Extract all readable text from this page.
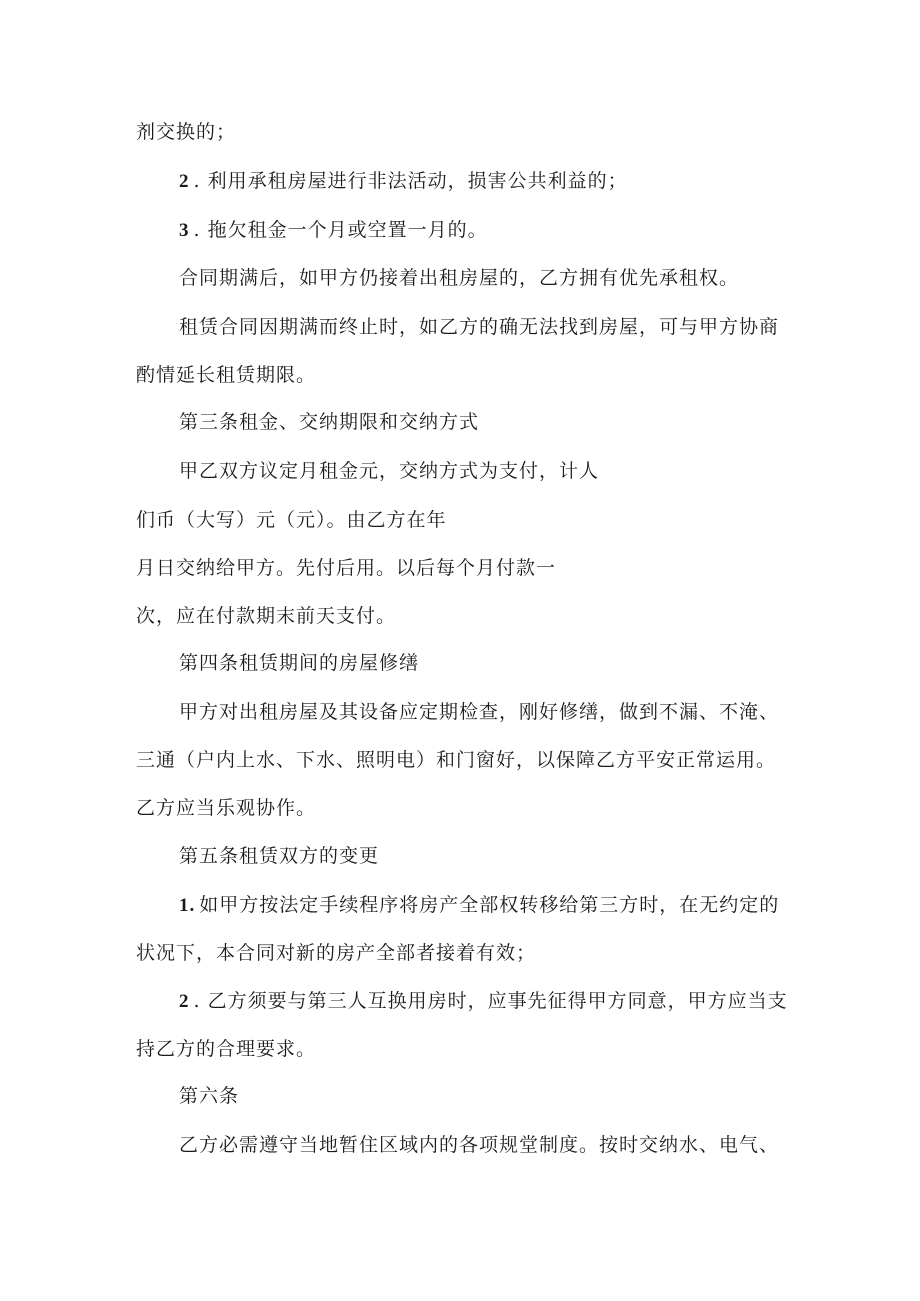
剂交换的；
2 . 利用承租房屋进行非法活动，损害公共利益的；
3 . 拖欠租金一个月或空置一月的。
合同期满后，如甲方仍接着出租房屋的，乙方拥有优先承租权。
租赁合同因期满而终止时，如乙方的确无法找到房屋，可与甲方协商
酌情延长租赁期限。
第三条租金、交纳期限和交纳方式
甲乙双方议定月租金元，交纳方式为支付，计人
们币（大写）元（元）。由乙方在年
月日交纳给甲方。先付后用。以后每个月付款一
次，应在付款期末前天支付。
第四条租赁期间的房屋修缮
甲方对出租房屋及其设备应定期检查，刚好修缮，做到不漏、不淹、
三通（户内上水、下水、照明电）和门窗好，以保障乙方平安正常运用。
乙方应当乐观协作。
第五条租赁双方的变更
1. 如甲方按法定手续程序将房产全部权转移给第三方时，在无约定的
状况下，本合同对新的房产全部者接着有效；
2 . 乙方须要与第三人互换用房时，应事先征得甲方同意，甲方应当支
持乙方的合理要求。
第六条
乙方必需遵守当地暂住区域内的各项规堂制度。按时交纳水、电气、
